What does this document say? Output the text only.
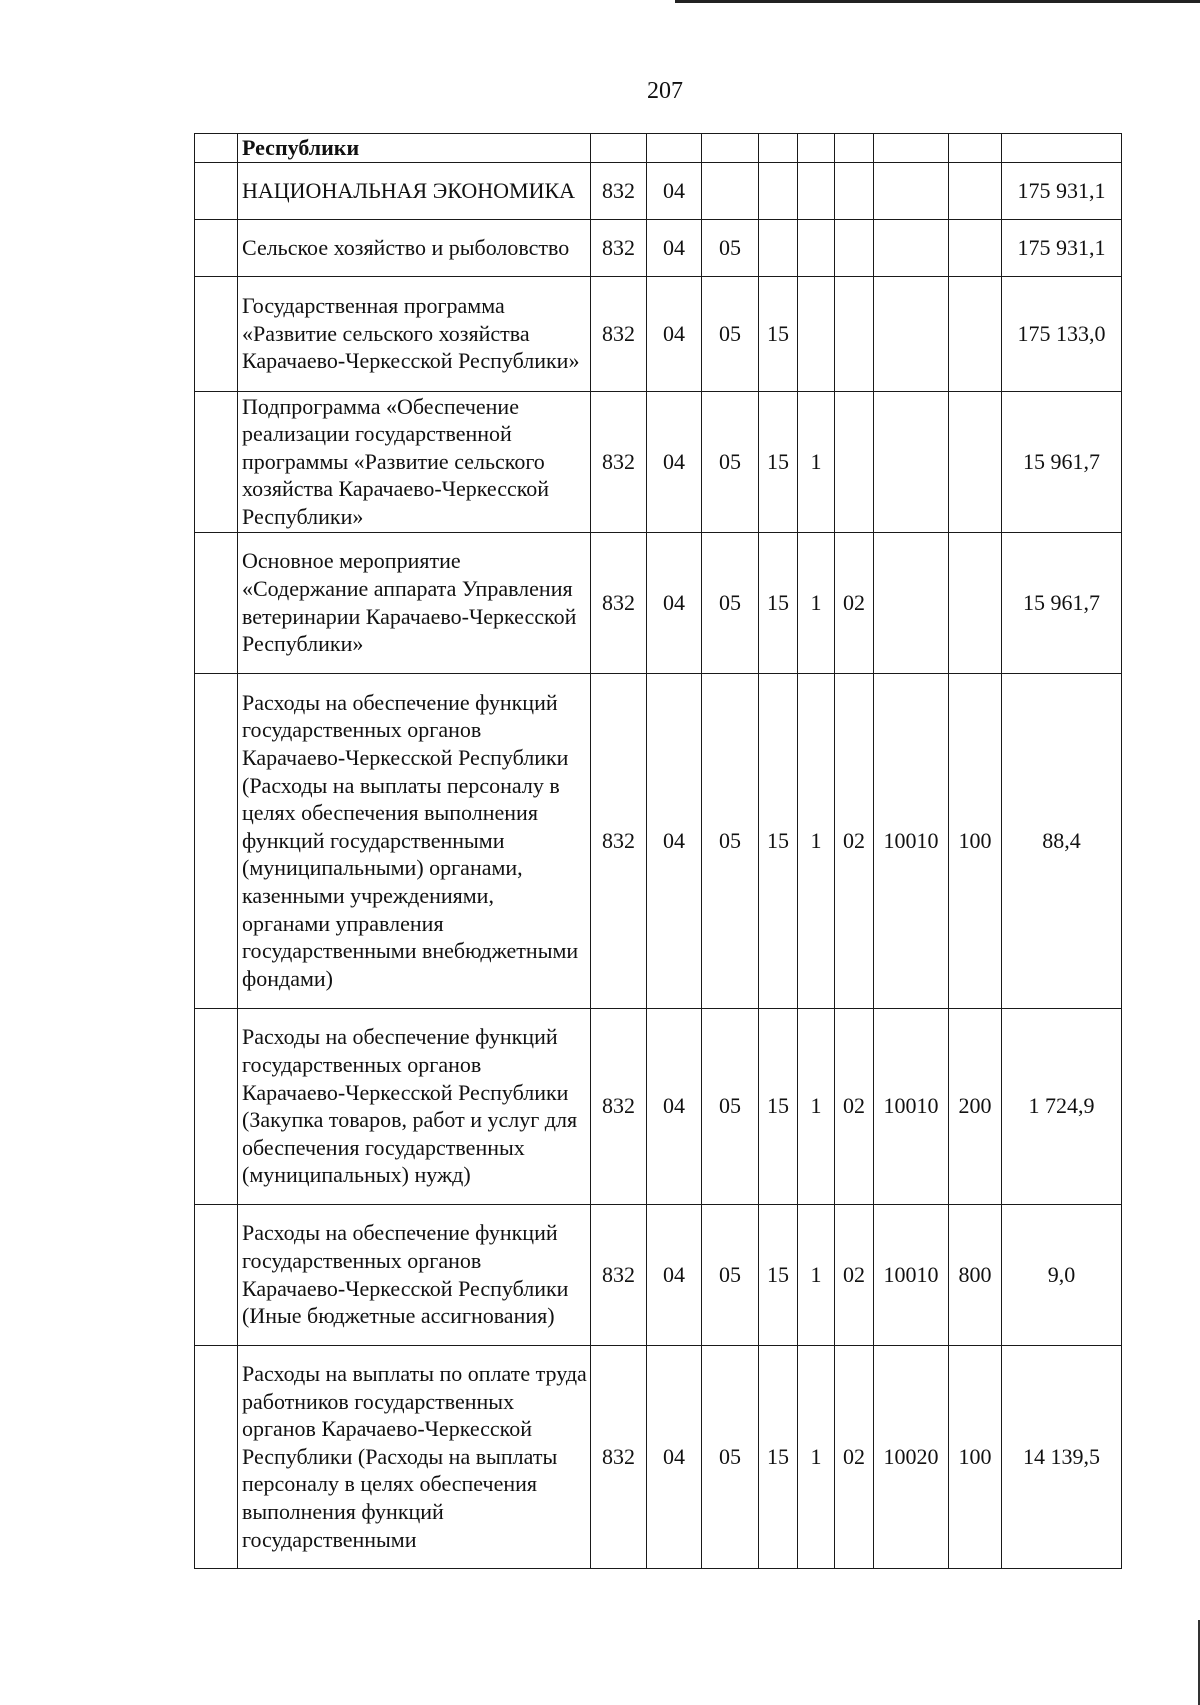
207
	Республики									
	НАЦИОНАЛЬНАЯ ЭКОНОМИКА	832	04							175 931,1
	Сельское хозяйство и рыболовство	832	04	05						175 931,1
	Государственная программа «Развитие сельского хозяйства Карачаево-Черкесской Республики»	832	04	05	15					175 133,0
	Подпрограмма «Обеспечение реализации государственной программы «Развитие сельского хозяйства Карачаево-Черкесской Республики»	832	04	05	15	1				15 961,7
	Основное мероприятие «Содержание аппарата Управления ветеринарии Карачаево-Черкесской Республики»	832	04	05	15	1	02			15 961,7
	Расходы на обеспечение функций государственных органов Карачаево-Черкесской Республики (Расходы на выплаты персоналу в целях обеспечения выполнения функций государственными (муниципальными) органами, казенными учреждениями, органами управления государственными внебюджетными фондами)	832	04	05	15	1	02	10010	100	88,4
	Расходы на обеспечение функций государственных органов Карачаево-Черкесской Республики (Закупка товаров, работ и услуг для обеспечения государственных (муниципальных) нужд)	832	04	05	15	1	02	10010	200	1 724,9
	Расходы на обеспечение функций государственных органов Карачаево-Черкесской Республики (Иные бюджетные ассигнования)	832	04	05	15	1	02	10010	800	9,0
	Расходы на выплаты по оплате труда работников государственных органов Карачаево-Черкесской Республики (Расходы на выплаты персоналу в целях обеспечения выполнения функций государственными	832	04	05	15	1	02	10020	100	14 139,5
